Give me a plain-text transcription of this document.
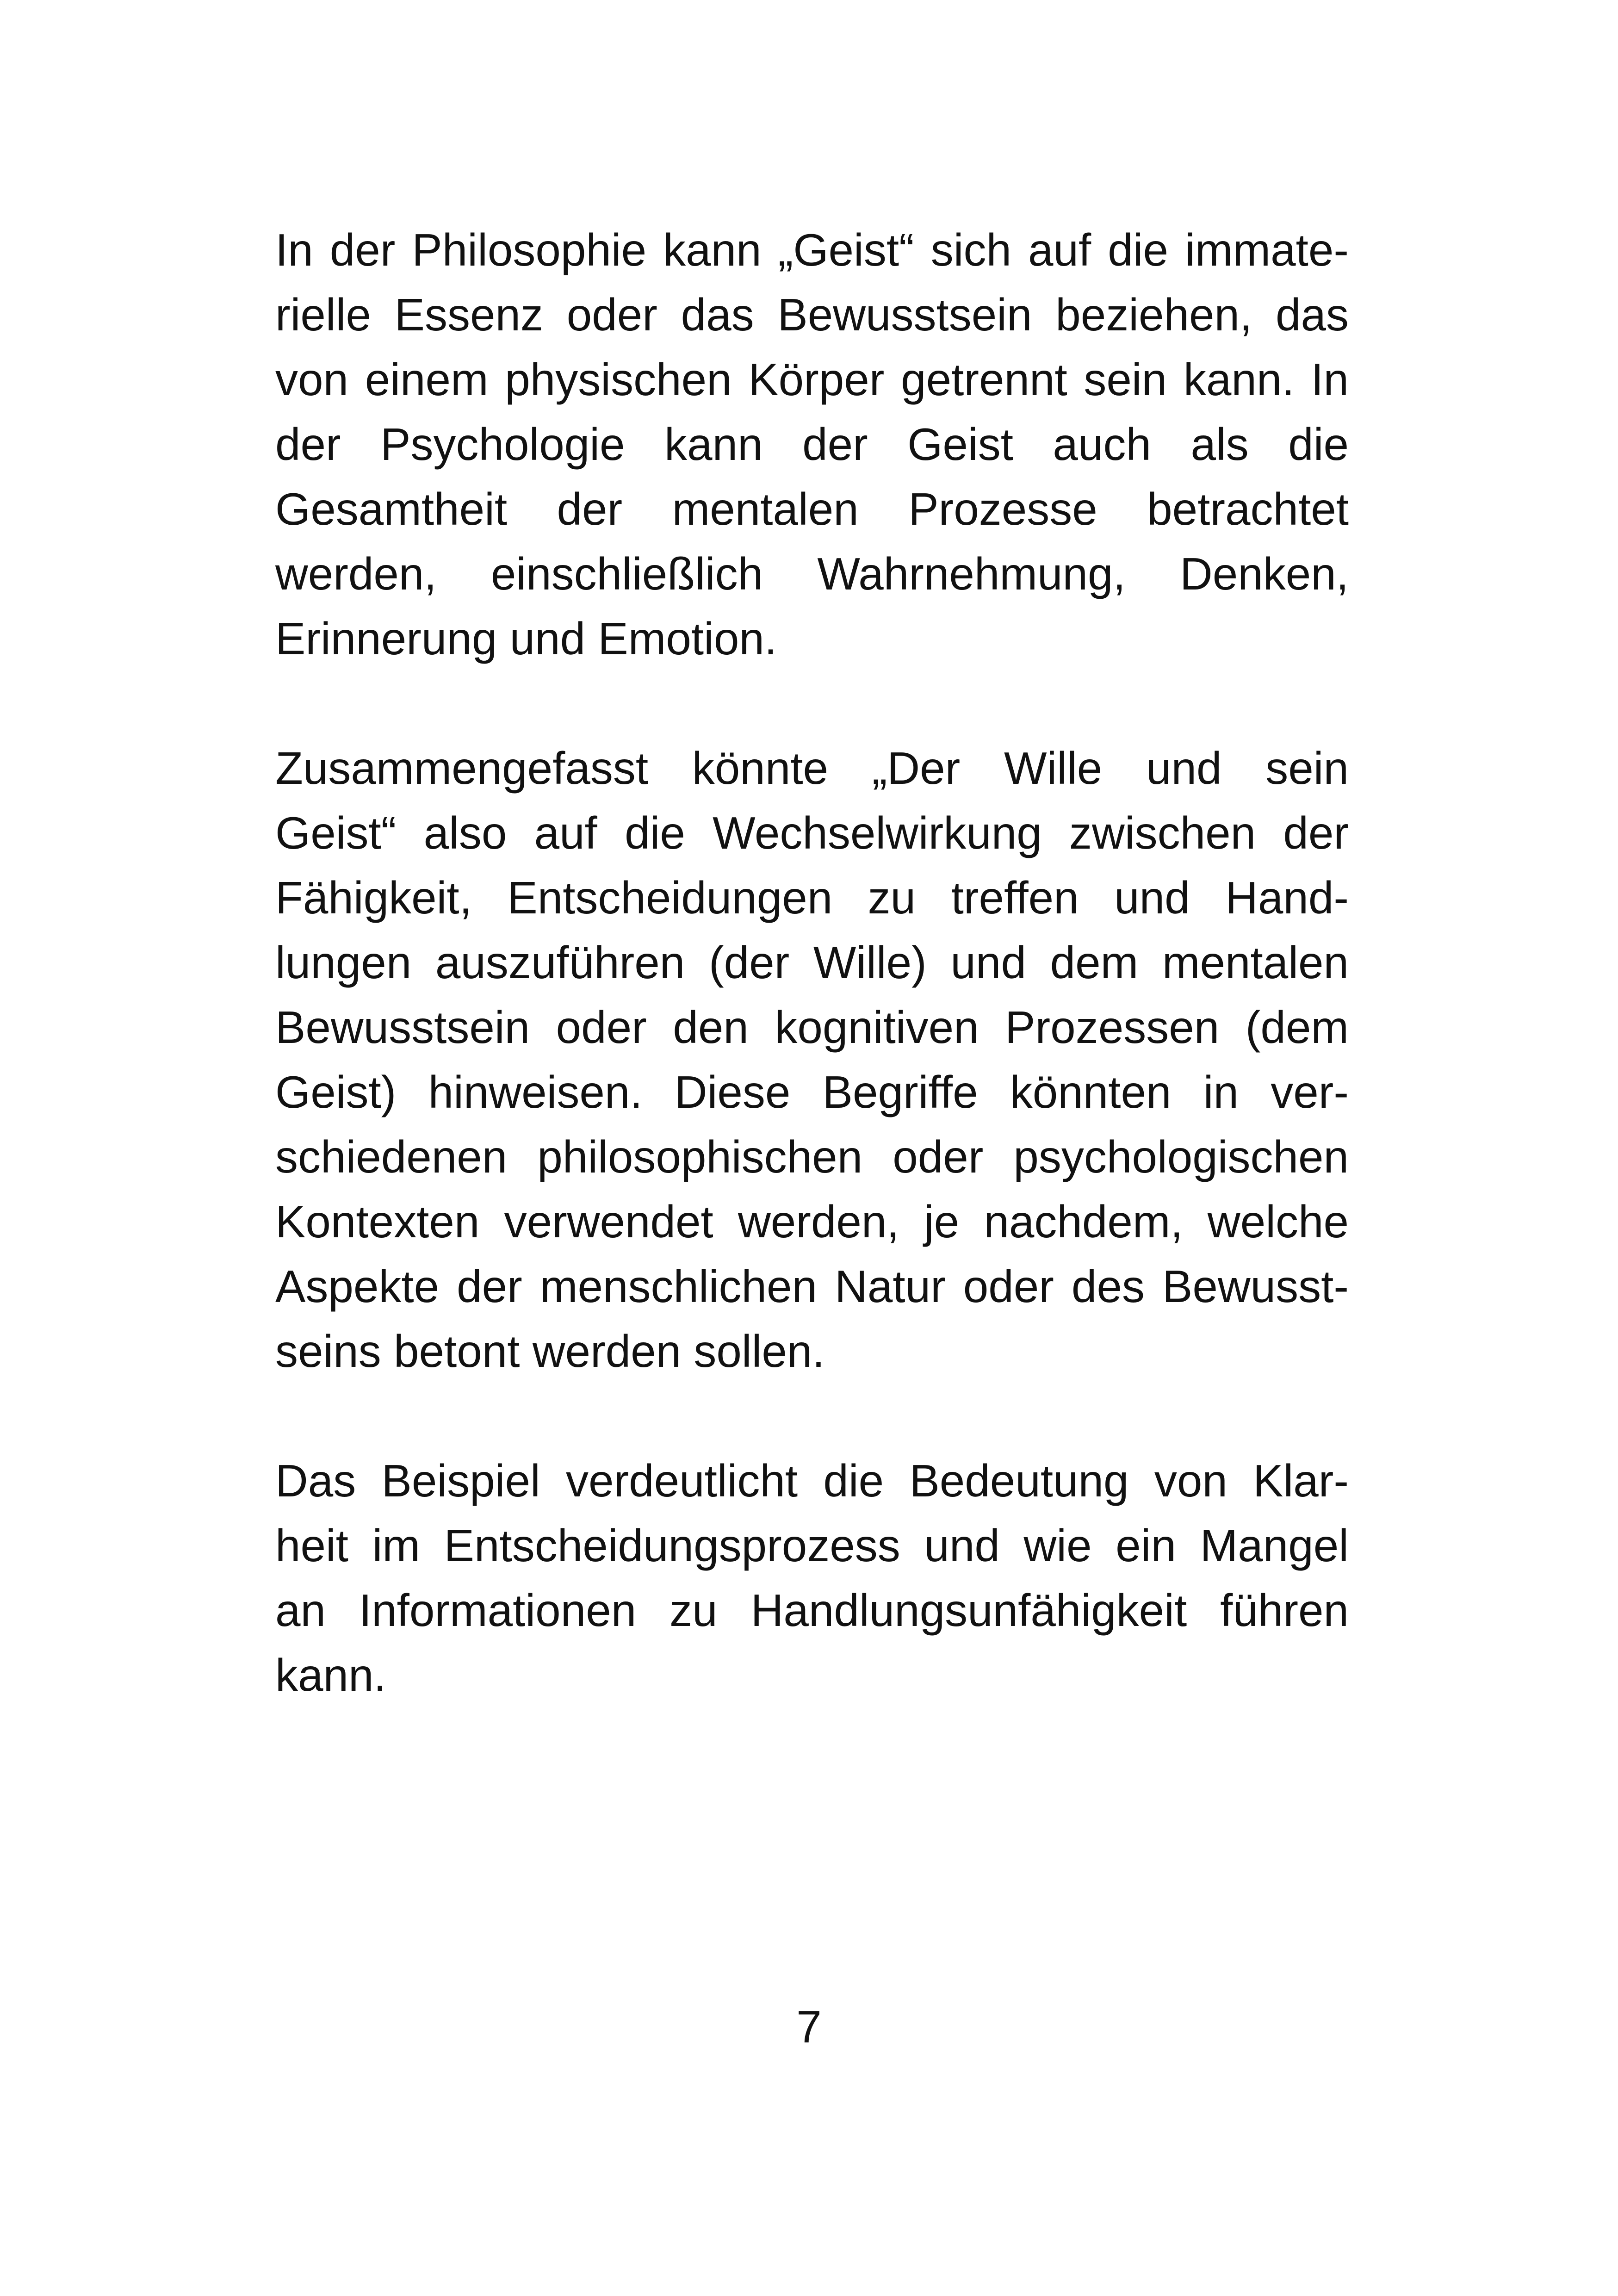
In der Philosophie kann „Geist“ sich auf die immate-
rielle Essenz oder das Bewusstsein beziehen, das
von einem physischen Körper getrennt sein kann. In
der Psychologie kann der Geist auch als die
Gesamtheit der mentalen Prozesse betrachtet
werden, einschließlich Wahrnehmung, Denken,
Erinnerung und Emotion.

Zusammengefasst könnte „Der Wille und sein
Geist“ also auf die Wechselwirkung zwischen der
Fähigkeit, Entscheidungen zu treffen und Hand-
lungen auszuführen (der Wille) und dem mentalen
Bewusstsein oder den kognitiven Prozessen (dem
Geist) hinweisen. Diese Begriffe könnten in ver-
schiedenen philosophischen oder psychologischen
Kontexten verwendet werden, je nachdem, welche
Aspekte der menschlichen Natur oder des Bewusst-
seins betont werden sollen.

Das Beispiel verdeutlicht die Bedeutung von Klar-
heit im Entscheidungsprozess und wie ein Mangel
an Informationen zu Handlungsunfähigkeit führen
kann.

7
